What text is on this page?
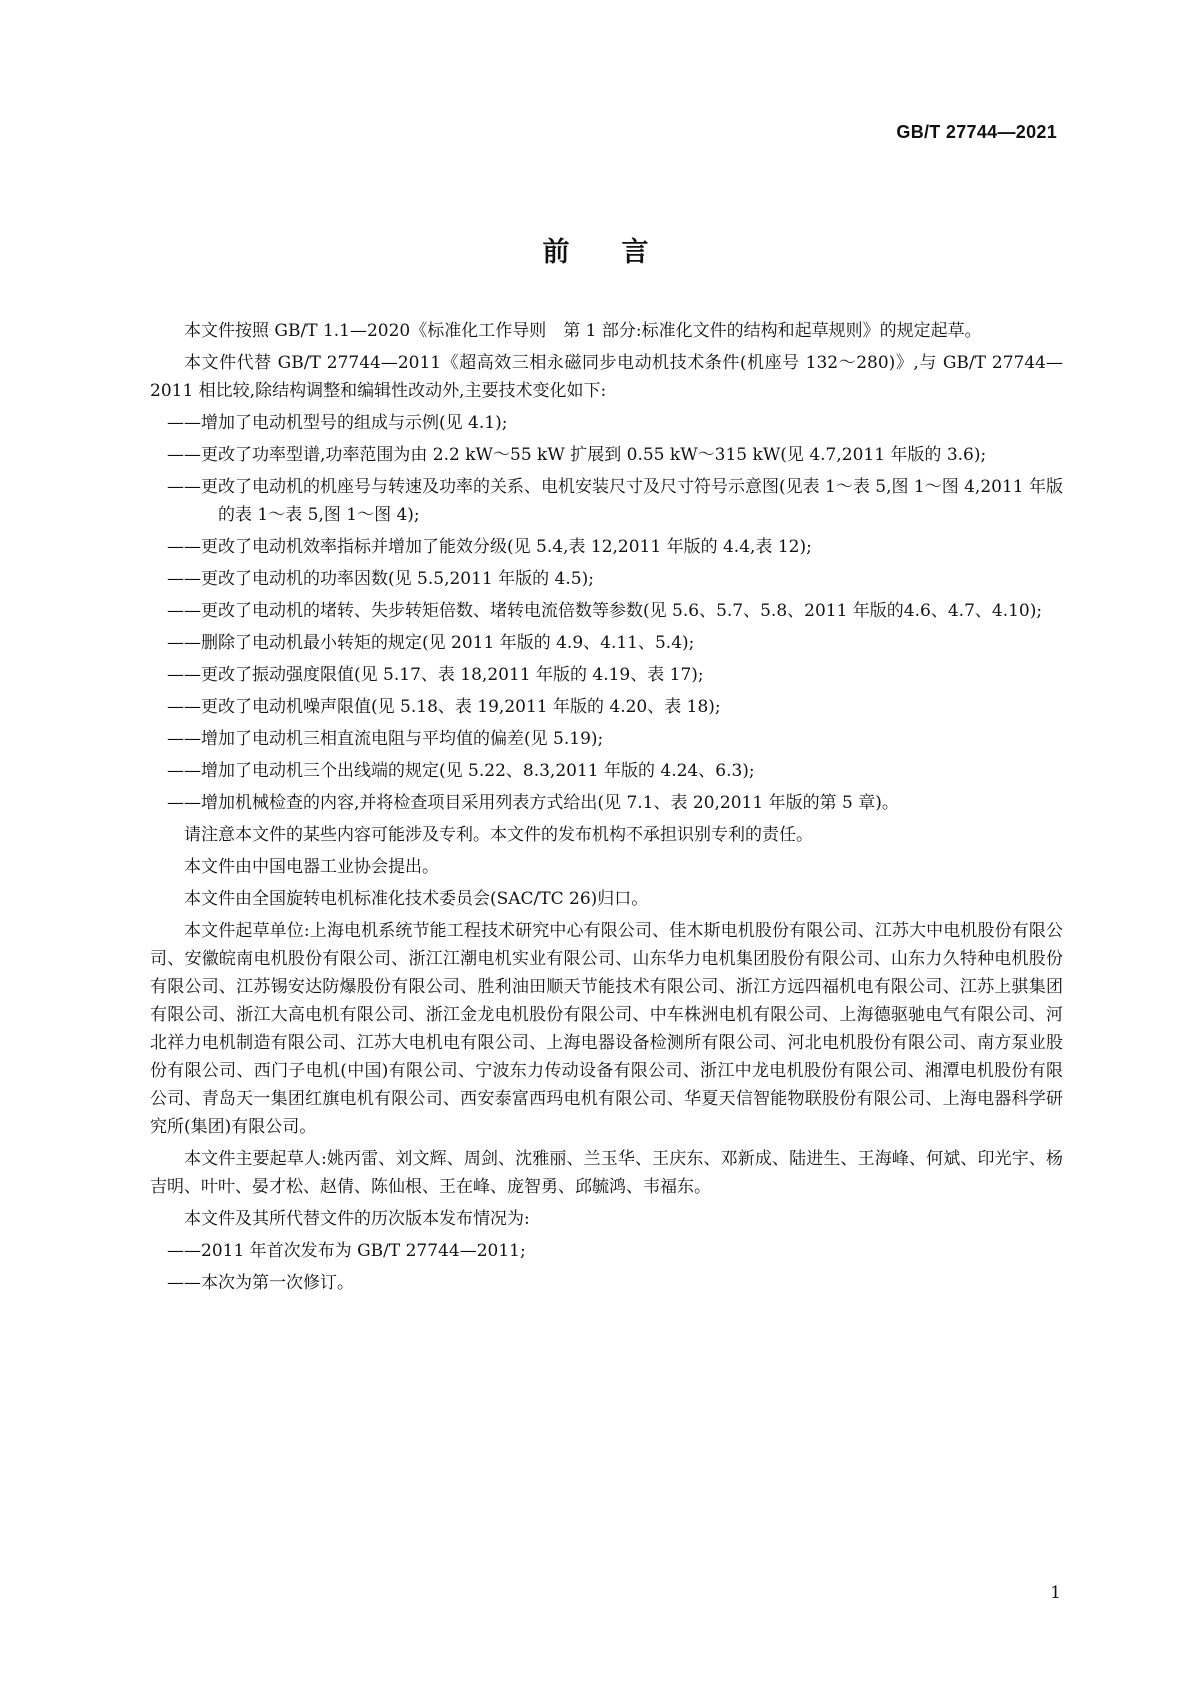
GB/T 27744—2021
前言

本文件按照 GB/T 1.1—2020《标准化工作导则　第 1 部分:标准化文件的结构和起草规则》的规定起草。

本文件代替 GB/T 27744—2011《超高效三相永磁同步电动机技术条件(机座号 132～280)》,与 GB/T 27744—2011 相比较,除结构调整和编辑性改动外,主要技术变化如下:

——增加了电动机型号的组成与示例(见 4.1);

——更改了功率型谱,功率范围为由 2.2 kW～55 kW 扩展到 0.55 kW～315 kW(见 4.7,2011 年版的 3.6);

——更改了电动机的机座号与转速及功率的关系、电机安装尺寸及尺寸符号示意图(见表 1～表 5,图 1～图 4,2011 年版的表 1～表 5,图 1～图 4);

——更改了电动机效率指标并增加了能效分级(见 5.4,表 12,2011 年版的 4.4,表 12);

——更改了电动机的功率因数(见 5.5,2011 年版的 4.5);

——更改了电动机的堵转、失步转矩倍数、堵转电流倍数等参数(见 5.6、5.7、5.8、2011 年版的4.6、4.7、4.10);

——删除了电动机最小转矩的规定(见 2011 年版的 4.9、4.11、5.4);

——更改了振动强度限值(见 5.17、表 18,2011 年版的 4.19、表 17);

——更改了电动机噪声限值(见 5.18、表 19,2011 年版的 4.20、表 18);

——增加了电动机三相直流电阻与平均值的偏差(见 5.19);

——增加了电动机三个出线端的规定(见 5.22、8.3,2011 年版的 4.24、6.3);

——增加机械检查的内容,并将检查项目采用列表方式给出(见 7.1、表 20,2011 年版的第 5 章)。

请注意本文件的某些内容可能涉及专利。本文件的发布机构不承担识别专利的责任。

本文件由中国电器工业协会提出。

本文件由全国旋转电机标准化技术委员会(SAC/TC 26)归口。

本文件起草单位:上海电机系统节能工程技术研究中心有限公司、佳木斯电机股份有限公司、江苏大中电机股份有限公司、安徽皖南电机股份有限公司、浙江江潮电机实业有限公司、山东华力电机集团股份有限公司、山东力久特种电机股份有限公司、江苏锡安达防爆股份有限公司、胜利油田顺天节能技术有限公司、浙江方远四福机电有限公司、江苏上骐集团有限公司、浙江大高电机有限公司、浙江金龙电机股份有限公司、中车株洲电机有限公司、上海德驱驰电气有限公司、河北祥力电机制造有限公司、江苏大电机电有限公司、上海电器设备检测所有限公司、河北电机股份有限公司、南方泵业股份有限公司、西门子电机(中国)有限公司、宁波东力传动设备有限公司、浙江中龙电机股份有限公司、湘潭电机股份有限公司、青岛天一集团红旗电机有限公司、西安泰富西玛电机有限公司、华夏天信智能物联股份有限公司、上海电器科学研究所(集团)有限公司。

本文件主要起草人:姚丙雷、刘文辉、周剑、沈雅丽、兰玉华、王庆东、邓新成、陆进生、王海峰、何斌、印光宇、杨吉明、叶叶、晏才松、赵倩、陈仙根、王在峰、庞智勇、邱毓鸿、韦福东。

本文件及其所代替文件的历次版本发布情况为:

——2011 年首次发布为 GB/T 27744—2011;

——本次为第一次修订。

1
